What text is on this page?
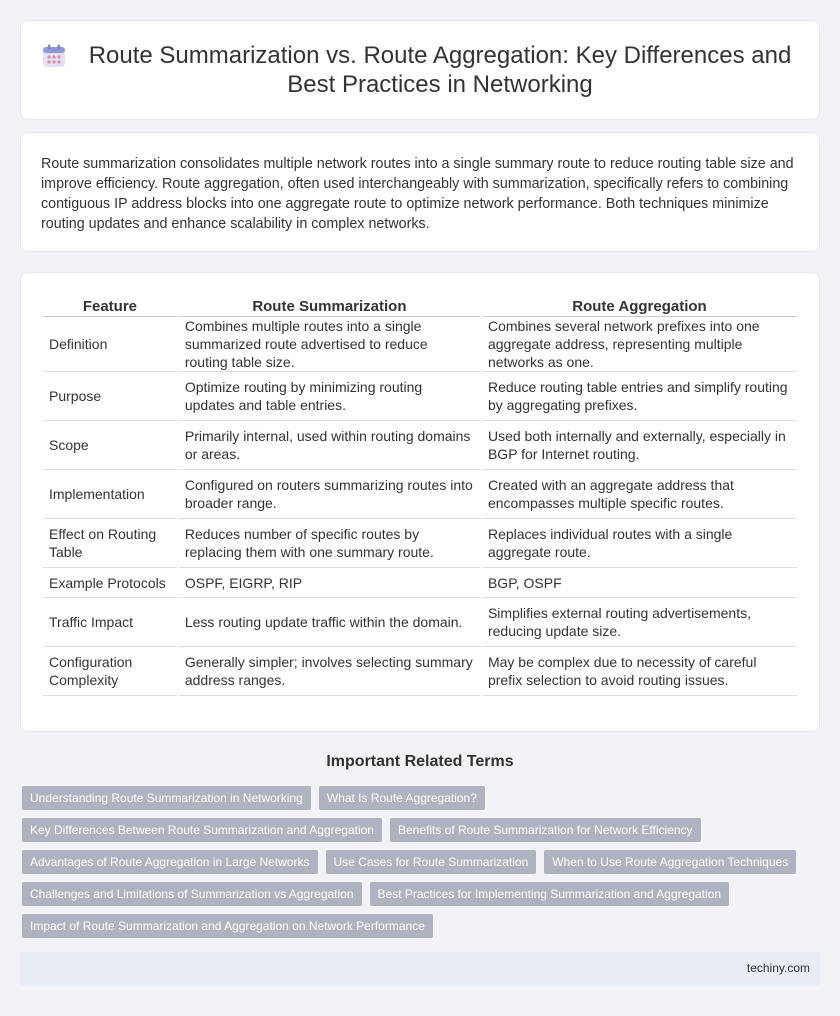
Route Summarization vs. Route Aggregation: Key Differences and Best Practices in Networking

Route summarization consolidates multiple network routes into a single summary route to reduce routing table size and improve efficiency. Route aggregation, often used interchangeably with summarization, specifically refers to combining contiguous IP address blocks into one aggregate route to optimize network performance. Both techniques minimize routing updates and enhance scalability in complex networks.

Feature	Route Summarization	Route Aggregation
Definition	Combines multiple routes into a single summarized route advertised to reduce routing table size.	Combines several network prefixes into one aggregate address, representing multiple networks as one.
Purpose	Optimize routing by minimizing routing updates and table entries.	Reduce routing table entries and simplify routing by aggregating prefixes.
Scope	Primarily internal, used within routing domains or areas.	Used both internally and externally, especially in BGP for Internet routing.
Implementation	Configured on routers summarizing routes into broader range.	Created with an aggregate address that encompasses multiple specific routes.
Effect on Routing Table	Reduces number of specific routes by replacing them with one summary route.	Replaces individual routes with a single aggregate route.
Example Protocols	OSPF, EIGRP, RIP	BGP, OSPF
Traffic Impact	Less routing update traffic within the domain.	Simplifies external routing advertisements, reducing update size.
Configuration Complexity	Generally simpler; involves selecting summary address ranges.	May be complex due to necessity of careful prefix selection to avoid routing issues.
Important Related Terms
Understanding Route Summarization in Networking	What Is Route Aggregation?
Key Differences Between Route Summarization and Aggregation	Benefits of Route Summarization for Network Efficiency
Advantages of Route Aggregation in Large Networks	Use Cases for Route Summarization	When to Use Route Aggregation Techniques
Challenges and Limitations of Summarization vs Aggregation	Best Practices for Implementing Summarization and Aggregation
Impact of Route Summarization and Aggregation on Network Performance
techiny.com
